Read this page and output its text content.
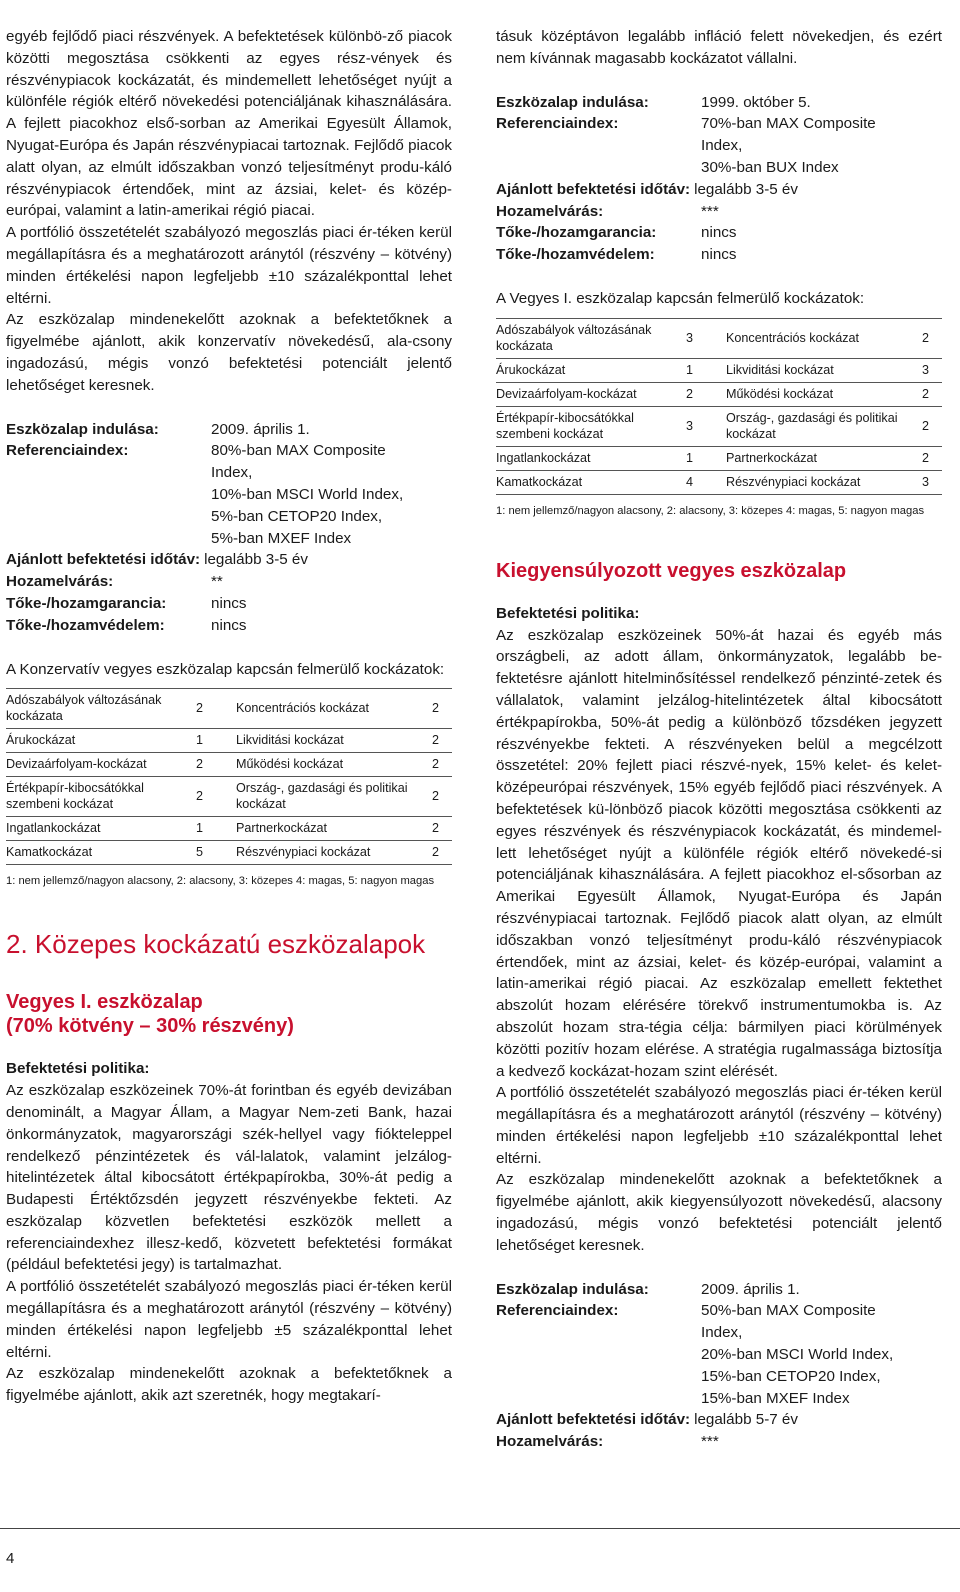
egyéb fejlődő piaci részvények. A befektetések különbö-ző piacok közötti megosztása csökkenti az egyes rész-vények és részvénypiacok kockázatát, és mindemellett lehetőséget nyújt a különféle régiók eltérő növekedési potenciáljának kihasználására. A fejlett piacokhoz első-sorban az Amerikai Egyesült Államok, Nyugat-Európa és Japán részvénypiacai tartoznak. Fejlődő piacok alatt olyan, az elmúlt időszakban vonzó teljesítményt produ-káló részvénypiacok értendőek, mint az ázsiai, kelet- és közép-európai, valamint a latin-amerikai régió piacai.

A portfólió összetételét szabályozó megoszlás piaci ér-téken kerül megállapításra és a meghatározott aránytól (részvény – kötvény) minden értékelési napon legfeljebb ±10 százalékponttal lehet eltérni.

Az eszközalap mindenekelőtt azoknak a befektetőknek a figyelmébe ajánlott, akik konzervatív növekedésű, ala-csony ingadozású, mégis vonzó befektetési potenciált jelentő lehetőséget keresnek.

Eszközalap indulása:	2009. április 1.
Referenciaindex:	80%-ban MAX Composite
Index,
10%-ban MSCI World Index,
5%-ban CETOP20 Index,
5%-ban MXEF Index
Ajánlott befektetési időtáv: legalább 3-5 év
Hozamelvárás:	**
Tőke-/hozamgarancia:	nincs
Tőke-/hozamvédelem:	nincs

A Konzervatív vegyes eszközalap kapcsán felmerülő kockázatok:

Adószabályok változásának kockázata	2	Koncentrációs kockázat	2
Árukockázat	1	Likviditási kockázat	2
Devizaárfolyam-kockázat	2	Működési kockázat	2
Értékpapír-kibocsátókkal szembeni kockázat	2	Ország-, gazdasági és politikai kockázat	2
Ingatlankockázat	1	Partnerkockázat	2
Kamatkockázat	5	Részvénypiaci kockázat	2
1: nem jellemző/nagyon alacsony, 2: alacsony, 3: közepes 4: magas, 5: nagyon magas
2. Közepes kockázatú eszközalapok
Vegyes I. eszközalap
(70% kötvény – 30% részvény)

Befektetési politika:

Az eszközalap eszközeinek 70%-át forintban és egyéb devizában denominált, a Magyar Állam, a Magyar Nem-zeti Bank, hazai önkormányzatok, magyarországi szék-hellyel vagy fiókteleppel rendelkező pénzintézetek és vál-lalatok, valamint jelzálog-hitelintézetek által kibocsátott értékpapírokba, 30%-át pedig a Budapesti Értéktőzsdén jegyzett részvényekbe fekteti. Az eszközalap közvetlen befektetési eszközök mellett a referenciaindexhez illesz-kedő, közvetett befektetési formákat (például befektetési jegy) is tartalmazhat.

A portfólió összetételét szabályozó megoszlás piaci ér-téken kerül megállapításra és a meghatározott aránytól (részvény – kötvény) minden értékelési napon legfeljebb ±5 százalékponttal lehet eltérni.

Az eszközalap mindenekelőtt azoknak a befektetőknek a figyelmébe ajánlott, akik azt szeretnék, hogy megtakarí-

tásuk középtávon legalább infláció felett növekedjen, és ezért nem kívánnak magasabb kockázatot vállalni.

Eszközalap indulása:	1999. október 5.
Referenciaindex:	70%-ban MAX Composite
Index,
30%-ban BUX Index
Ajánlott befektetési időtáv: legalább 3-5 év
Hozamelvárás:	***
Tőke-/hozamgarancia:	nincs
Tőke-/hozamvédelem:	nincs

A Vegyes I. eszközalap kapcsán felmerülő kockázatok:

Adószabályok változásának kockázata	3	Koncentrációs kockázat	2
Árukockázat	1	Likviditási kockázat	3
Devizaárfolyam-kockázat	2	Működési kockázat	2
Értékpapír-kibocsátókkal szembeni kockázat	3	Ország-, gazdasági és politikai kockázat	2
Ingatlankockázat	1	Partnerkockázat	2
Kamatkockázat	4	Részvénypiaci kockázat	3
1: nem jellemző/nagyon alacsony, 2: alacsony, 3: közepes 4: magas, 5: nagyon magas
Kiegyensúlyozott vegyes eszközalap

Befektetési politika:

Az eszközalap eszközeinek 50%-át hazai és egyéb más országbeli, az adott állam, önkormányzatok, legalább be-fektetésre ajánlott hitelminősítéssel rendelkező pénzinté-zetek és vállalatok, valamint jelzálog-hitelintézetek által kibocsátott értékpapírokba, 50%-át pedig a különböző tőzsdéken jegyzett részvényekbe fekteti. A részvényeken belül a megcélzott összetétel: 20% fejlett piaci részvé-nyek, 15% kelet- és kelet-középeurópai részvények, 15% egyéb fejlődő piaci részvények. A befektetések kü-lönböző piacok közötti megosztása csökkenti az egyes részvények és részvénypiacok kockázatát, és mindemel-lett lehetőséget nyújt a különféle régiók eltérő növekedé-si potenciáljának kihasználására. A fejlett piacokhoz el-sősorban az Amerikai Egyesült Államok, Nyugat-Európa és Japán részvénypiacai tartoznak. Fejlődő piacok alatt olyan, az elmúlt időszakban vonzó teljesítményt produ-káló részvénypiacok értendőek, mint az ázsiai, kelet- és közép-európai, valamint a latin-amerikai régió piacai. Az eszközalap emellett fektethet abszolút hozam elérésére törekvő instrumentumokba is. Az abszolút hozam stra-tégia célja: bármilyen piaci körülmények közötti pozitív hozam elérése. A stratégia rugalmassága biztosítja a kedvező kockázat-hozam szint elérését.

A portfólió összetételét szabályozó megoszlás piaci ér-téken kerül megállapításra és a meghatározott aránytól (részvény – kötvény) minden értékelési napon legfeljebb ±10 százalékponttal lehet eltérni.

Az eszközalap mindenekelőtt azoknak a befektetőknek a figyelmébe ajánlott, akik kiegyensúlyozott növekedésű, alacsony ingadozású, mégis vonzó befektetési potenciált jelentő lehetőséget keresnek.

Eszközalap indulása:	2009. április 1.
Referenciaindex:	50%-ban MAX Composite
Index,
20%-ban MSCI World Index,
15%-ban CETOP20 Index,
15%-ban MXEF Index
Ajánlott befektetési időtáv: legalább 5-7 év
Hozamelvárás:	***
4
